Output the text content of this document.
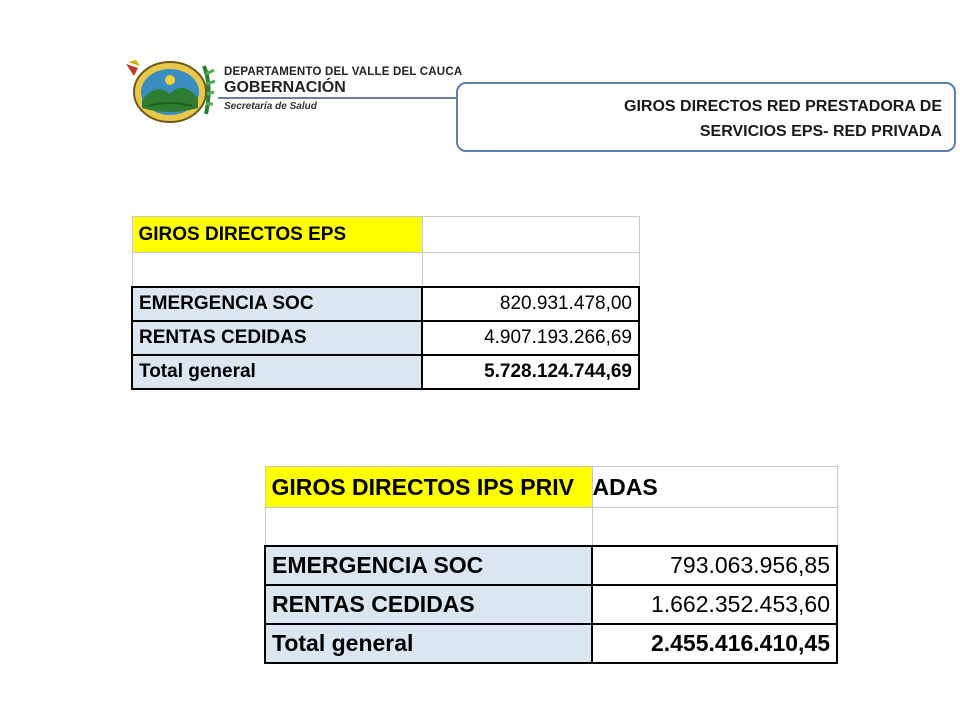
DEPARTAMENTO DEL VALLE DEL CAUCA
GOBERNACIÓN
Secretaría de Salud	GIROS DIRECTOS RED PRESTADORA DE
SERVICIOS EPS- RED PRIVADA
GIROS DIRECTOS EPS	

EMERGENCIA SOC	820.931.478,00
RENTAS CEDIDAS	4.907.193.266,69
Total general	5.728.124.744,69
GIROS DIRECTOS IPS PRIV	ADAS

EMERGENCIA SOC	793.063.956,85
RENTAS CEDIDAS	1.662.352.453,60
Total general	2.455.416.410,45
